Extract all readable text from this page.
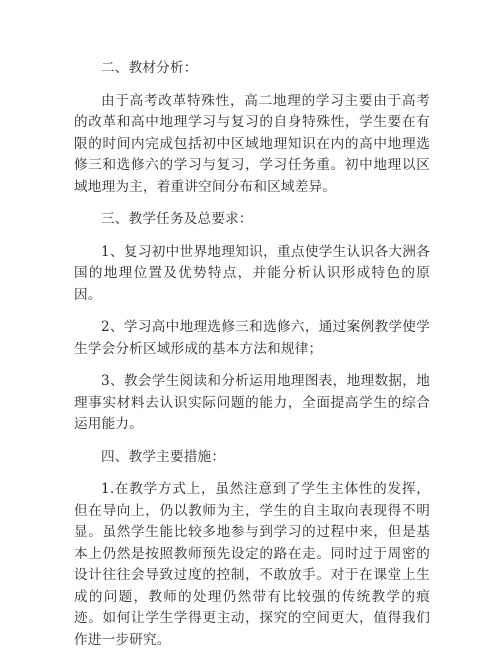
二、教材分析：

由于高考改革特殊性，高二地理的学习主要由于高考的改革和高中地理学习与复习的自身特殊性，学生要在有限的时间内完成包括初中区域地理知识在内的高中地理选修三和选修六的学习与复习，学习任务重。初中地理以区域地理为主，着重讲空间分布和区域差异。

三、教学任务及总要求：

1、复习初中世界地理知识，重点使学生认识各大洲各国的地理位置及优势特点，并能分析认识形成特色的原因。

2、学习高中地理选修三和选修六，通过案例教学使学生学会分析区域形成的基本方法和规律；

3、教会学生阅读和分析运用地理图表，地理数据，地理事实材料去认识实际问题的能力，全面提高学生的综合运用能力。

四、教学主要措施：

1.在教学方式上，虽然注意到了学生主体性的发挥，但在导向上，仍以教师为主，学生的自主取向表现得不明显。虽然学生能比较多地参与到学习的过程中来，但是基本上仍然是按照教师预先设定的路在走。同时过于周密的设计往往会导致过度的控制，不敢放手。对于在课堂上生成的问题，教师的处理仍然带有比较强的传统教学的痕迹。如何让学生学得更主动，探究的空间更大，值得我们作进一步研究。
